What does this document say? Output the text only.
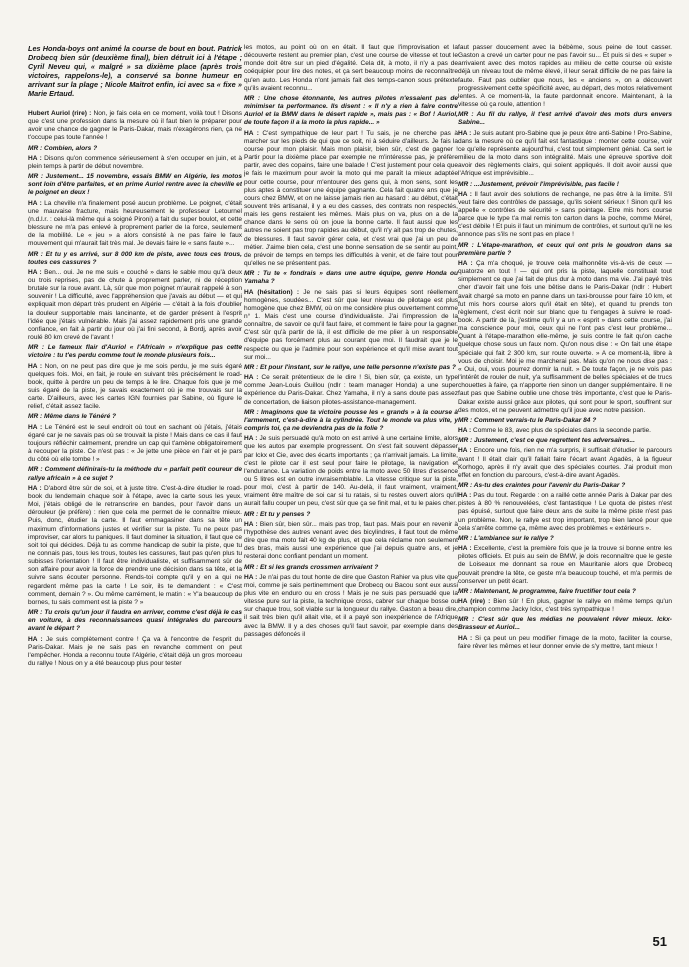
Les Honda-boys ont animé la course de bout en bout. Patrick Drobecq bien sûr (deuxième final), bien détruit ici à l'étape ; Cyril Neveu qui, « malgré » sa dixième place (après trois victoires, rappelons-le), a conservé sa bonne humeur en arrivant sur la plage ; Nicole Maitrot enfin, ici avec sa « fixe » Marie Ertaud.

Hubert Auriol (rire) : Non, je fais cela en ce moment, voilà tout ! Disons que c'est une profession dans la mesure où il faut bien le préparer pour avoir une chance de gagner le Paris-Dakar, mais n'exagérons rien, ça ne t'occupe pas toute l'année !

MR : Combien, alors ?

HA : Disons qu'on commence sérieusement à s'en occuper en juin, et à plein temps à partir de début novembre.

MR : Justement... 15 novembre, essais BMW en Algérie, les motos sont loin d'être parfaites, et en prime Auriol rentre avec la cheville et le poignet en deux !

HA : La cheville n'a finalement posé aucun problème. Le poignet, c'était une mauvaise fracture, mais heureusement le professeur Letournel (n.d.l.r. : celui-là même qui a soigné Pironi) a fait du super boulot, et cette blessure ne m'a pas enlevé à proprement parler de la force, seulement de la mobilité. Le « jeu » a alors consisté à ne pas faire le faux mouvement qui m'aurait fait très mal. Je devais faire le « sans faute »...

MR : Et tu y es arrivé, sur 8 000 km de piste, avec tous ces trous, toutes ces cassures ?

HA : Ben... oui. Je ne me suis « couché » dans le sable mou qu'à deux ou trois reprises, pas de chute à proprement parler, ni de réception brutale sur la roue avant. Là, sûr que mon poignet m'aurait rappelé à son souvenir ! La difficulté, avec l'appréhension que j'avais au début — et qui expliquait mon départ très prudent en Algérie — c'était à la fois d'oublier la douleur supportable mais lancinante, et de garder présent à l'esprit l'idée que j'étais vulnérable. Mais j'ai assez rapidement pris une grande confiance, en fait à partir du jour où j'ai fini second, à Bordj, après avoir roulé 80 km crevé de l'avant !

MR : Le fameux flair d'Auriol « l'Africain » n'explique pas cette victoire : tu t'es perdu comme tout le monde plusieurs fois...

HA : Non, on ne peut pas dire que je me sois perdu, je me suis égaré quelques fois. Moi, en fait, je roule en suivant très précisément le road-book, quitte à perdre un peu de temps à le lire. Chaque fois que je me suis égaré de la piste, je savais exactement où je me trouvais sur la carte. D'ailleurs, avec les cartes IGN fournies par Sabine, où figure le relief, c'était assez facile.

MR : Même dans le Ténéré ?

HA : Le Ténéré est le seul endroit où tout en sachant où j'étais, j'étais égaré car je ne savais pas où se trouvait la piste ! Mais dans ce cas il faut toujours réfléchir calmement, prendre un cap qui t'amène obligatoirement à recouper la piste. Ce n'est pas : « Je jette une pièce en l'air et je pars du côté où elle tombe ! »

MR : Comment définirais-tu la méthode du « parfait petit coureur de rallye africain » à ce sujet ?

HA : D'abord être sûr de soi, et à juste titre. C'est-à-dire étudier le road-book du lendemain chaque soir à l'étape, avec la carte sous les yeux. Moi, j'étais obligé de le retranscrire en bandes, pour l'avoir dans un dérouleur (je préfère) : rien que cela me permet de le connaître mieux. Puis, donc, étudier la carte. Il faut emmagasiner dans sa tête un maximum d'informations justes et vérifier sur la piste. Tu ne peux pas improviser, car alors tu paniques. Il faut dominer la situation, il faut que ce soit toi qui décides. Déjà tu as comme handicap de subir la piste, que tu ne connais pas, tous les trous, toutes les cassures, faut pas qu'en plus tu subisses l'orientation ! Il faut être individualiste, et suffisamment sûr de son affaire pour avoir la force de prendre une décision dans sa tête, et la suivre sans écouter personne. Rends-toi compte qu'il y en a qui ne regardent même pas la carte ! Le soir, ils te demandent : « C'est comment, demain ? ». Ou même carrément, le matin : « Y'a beaucoup de bornes, tu sais comment est la piste ? »

MR : Tu crois qu'un jour il faudra en arriver, comme c'est déjà le cas en voiture, à des reconnaissances quasi intégrales du parcours avant le départ ?

HA : Je suis complètement contre ! Ça va à l'encontre de l'esprit du Paris-Dakar. Mais je ne sais pas en revanche comment on peut l'empêcher. Honda a reconnu toute l'Algérie, c'était déjà un gros morceau du rallye ! Nous on y a été beaucoup plus pour tester

les motos, au point où on en était. Il faut que l'improvisation et la découverte restent au premier plan, c'est une course de vitesse et tout le monde doit être sur un pied d'égalité. Cela dit, à moto, il n'y a pas de coéquipier pour lire des notes, et ça sert beaucoup moins de reconnaître qu'en auto. Les Honda n'ont jamais fait des temps-canon sous prétexte qu'ils avaient reconnu...

MR : Une chose étonnante, les autres pilotes n'essaient pas de minimiser ta performance. Ils disent : « Il n'y a rien à faire contre Auriol et la BMW dans le désert rapide », mais pas : « Bof ! Auriol, de toute façon il a la moto la plus rapide... »

HA : C'est sympathique de leur part ! Tu sais, je ne cherche pas à marcher sur les pieds de qui que ce soit, ni à séduire d'ailleurs. Je fais la course pour mon plaisir. Mais mon plaisir, bien sûr, c'est de gagner ! Partir pour la dixième place par exemple ne m'intéresse pas, je préfère partir, avec des copains, faire une balade ! C'est justement pour cela que je fais le maximum pour avoir la moto qui me paraît la mieux adaptée pour cette course, pour m'entourer des gens qui, à mon sens, sont les plus aptes à constituer une équipe gagnante. Cela fait quatre ans que je cours chez BMW, et on ne laisse jamais rien au hasard : au début, c'était souvent très artisanal, il y a eu des casses, des contrats non respectés, mais les gens restaient les mêmes. Mais plus on va, plus on a de la chance dans le sens où on joue la bonne carte. Il faut aussi que les autres ne soient pas trop rapides au début, qu'il n'y ait pas trop de chutes, de blessures. Il faut savoir gérer cela, et c'est vrai que j'ai un peu de métier. J'aime bien cela, c'est une bonne sensation de se sentir au point, de prévoir de temps en temps les difficultés à venir, et de faire tout pour qu'elles ne se présentent pas.

MR : Tu te « fondrais » dans une autre équipe, genre Honda ou Yamaha ?

HA (hésitation) : Je ne sais pas si leurs équipes sont réellement homogènes, soudées... C'est sûr que leur niveau de pilotage est plus homogène que chez BMW, où on me considère plus ouvertement comme n° 1. Mais c'est une course d'individualiste. J'ai l'impression de la connaître, de savoir ce qu'il faut faire, et comment le faire pour la gagner. C'est sûr qu'à partir de là, il est difficile de me plier à un responsable d'équipe pas forcément plus au courant que moi. Il faudrait que je le respecte ou que je l'admire pour son expérience et qu'il mise avant tout sur moi...

MR : Et pour l'instant, sur le rallye, une telle personne n'existe pas ?

HA : Ce serait prétentieux de le dire ! Si, bien sûr, ça existe, un type comme Jean-Louis Guillou (ndlr : team manager Honda) a une super expérience du Paris-Dakar. Chez Yamaha, il n'y a sans doute pas assez de concertation, de liaison pilotes-assistance-management.

MR : Imaginons que ta victoire pousse les « grands » à la course à l'armement, c'est-à-dire à la cylindrée. Tout le monde va plus vite, y compris toi, ça ne deviendra pas de la folie ?

HA : Je suis persuadé qu'à moto on est arrivé à une certaine limite, alors que les autos par exemple progressent. On s'est fait souvent dépasser par Ickx et Cie, avec des écarts importants ; ça n'arrivait jamais. La limite, c'est le pilote car il est seul pour faire le pilotage, la navigation et l'endurance. La variation de poids entre la moto avec 50 litres d'essence ou 5 litres est en outre invraisemblable. La vitesse critique sur la piste, pour moi, c'est à partir de 140. Au-delà, il faut vraiment, vraiment, vraiment être maître de soi car si tu ratais, si tu restes ouvert alors qu'il aurait fallu couper un peu, c'est sûr que ça se finit mal, et tu le paies cher.

MR : Et tu y penses ?

HA : Bien sûr, bien sûr... mais pas trop, faut pas. Mais pour en revenir à l'hypothèse des autres venant avec des bicylindres, il faut tout de même dire que ma moto fait 40 kg de plus, et que cela réclame non seulement des bras, mais aussi une expérience que j'ai depuis quatre ans, et je resterai donc confiant pendant un moment.

MR : Et si les grands crossmen arrivaient ?

HA : Je n'ai pas du tout honte de dire que Gaston Rahier va plus vite que moi, comme je sais pertinemment que Drobecq ou Bacou sont eux aussi plus vite en enduro ou en cross ! Mais je ne suis pas persuadé que la vitesse pure sur la piste, la technique cross, cabrer sur chaque bosse ou sur chaque trou, soit viable sur la longueur du rallye. Gaston a beau dire, il sait très bien qu'il allait vite, et il a payé son inexpérience de l'Afrique avec la BMW. Il y a des choses qu'il faut savoir, par exemple dans des passages défoncés il

faut passer doucement avec la bébème, sous peine de tout casser. Gaston a crevé un carter pour ne pas l'avoir su... Et puis si des « super » arrivaient avec des motos rapides au milieu de cette course où existe déjà un niveau tout de même élevé, il leur serait difficile de ne pas faire la faute. Faut pas oublier que nous, les « anciens », on a découvert progressivement cette spécificité avec, au départ, des motos relativement lentes. A ce moment-là, la faute pardonnait encore. Maintenant, à la vitesse où ça roule, attention !

MR : Au fil du rallye, il t'est arrivé d'avoir des mots durs envers Sabine...

HA : Je suis autant pro-Sabine que je peux être anti-Sabine ! Pro-Sabine, dans la mesure où ce qu'il fait est fantastique : monter cette course, voir ce qu'elle représente aujourd'hui, c'est tout simplement génial. Ca sert le milieu de la moto dans son intégralité. Mais une épreuve sportive doit avoir des règlements clairs, qui soient appliqués. Il doit avoir aussi que l'Afrique est imprévisible...

MR : ...Justement, prévoir l'imprévisible, pas facile !

HA : Il faut avoir des solutions de rechange, ne pas être à la limite. S'il veut faire des contrôles de passage, qu'ils soient sérieux ! Sinon qu'il les appelle « contrôles de sécurité » sans pointage. Etre mis hors course parce que le type t'a mal remis ton carton dans la poche, comme Mérel, c'est débile ! Et puis il faut un minimum de contrôles, et surtout qu'il ne les annonce pas s'ils ne sont pas en place !

MR : L'étape-marathon, et ceux qui ont pris le goudron dans sa première partie ?

HA : Ça m'a choqué, je trouve cela malhonnête vis-à-vis de ceux — quatorze en tout ! — qui ont pris la piste, laquelle constituait tout simplement ce que j'ai fait de plus dur à moto dans ma vie. J'ai payé très cher d'avoir fait une fois une bêtise dans le Paris-Dakar (ndlr : Hubert avait chargé sa moto en panne dans un taxi-brousse pour faire 10 km, et fut mis hors course alors qu'il était en tête), et quand tu prends ton règlement, c'est écrit noir sur blanc que tu t'engages à suivre le road-book. A partir de là, j'estime qu'il y a un « esprit » dans cette course, j'ai ma conscience pour moi, ceux qui ne l'ont pas c'est leur problème... Quant à l'étape-marathon elle-même, je suis contre le fait qu'on cache quelque chose sous un faux nom. Qu'on nous dise : « On fait une étape spéciale qui fait 2 300 km, sur route ouverte. » A ce moment-là, libre à vous de choisir. Moi je me marcherai pas. Mais qu'on ne nous dise pas : « Oui, oui, vous pourrez dormir la nuit. » De toute façon, je ne vois pas l'intérêt de rouler de nuit, y'a suffisamment de belles spéciales et de trucs chouettes à faire, ça n'apporte rien sinon un danger supplémentaire. Il ne faut pas que Sabine oublie une chose très importante, c'est que le Paris-Dakar existe aussi grâce aux pilotes, qui sont pour le sport, souffrent sur des motos, et ne peuvent admettre qu'il joue avec notre passion.

MR : Comment verrais-tu le Paris-Dakar 84 ?

HA : Comme le 83, avec plus de spéciales dans la seconde partie.

MR : Justement, c'est ce que regrettent tes adversaires...

HA : Encore une fois, rien ne m'a surpris, il suffisait d'étudier le parcours avant ! Il était clair qu'il fallait faire l'écart avant Agadès, à la figueur Korhogo, après il n'y avait que des spéciales courtes. J'ai produit mon effet en fonction du parcours, c'est-à-dire avant Agadès.

MR : As-tu des craintes pour l'avenir du Paris-Dakar ?

HA : Pas du tout. Regarde : on a raillé cette année Paris à Dakar par des pistes à 80 % renouvelées, c'est fantastique ! Le quota de pistes n'est pas épuisé, surtout que faire deux ans de suite la même piste n'est pas un problème. Non, le rallye est trop important, trop bien lancé pour que cela s'arrête comme ça, même avec des problèmes « extérieurs ».

MR : L'ambiance sur le rallye ?

HA : Excellente, c'est la première fois que je la trouve si bonne entre les pilotes officiels. Et puis au sein de BMW, je dois reconnaître que le geste de Loiseaux me donnant sa roue en Mauritanie alors que Drobecq pouvait prendre la tête, ce geste m'a beaucoup touché, et m'a permis de conserver un petit écart.

MR : Maintenant, le programme, faire fructifier tout cela ?

HA (rire) : Bien sûr ! En plus, gagner le rallye en même temps qu'un champion comme Jacky Ickx, c'est très sympathique !

MR : C'est sûr que les médias ne pouvaient rêver mieux. Ickx-Brasseur et Auriol...

HA : Si ça peut un peu modifier l'image de la moto, faciliter la course, faire rêver les mêmes et leur donner envie de s'y mettre, tant mieux !

51
